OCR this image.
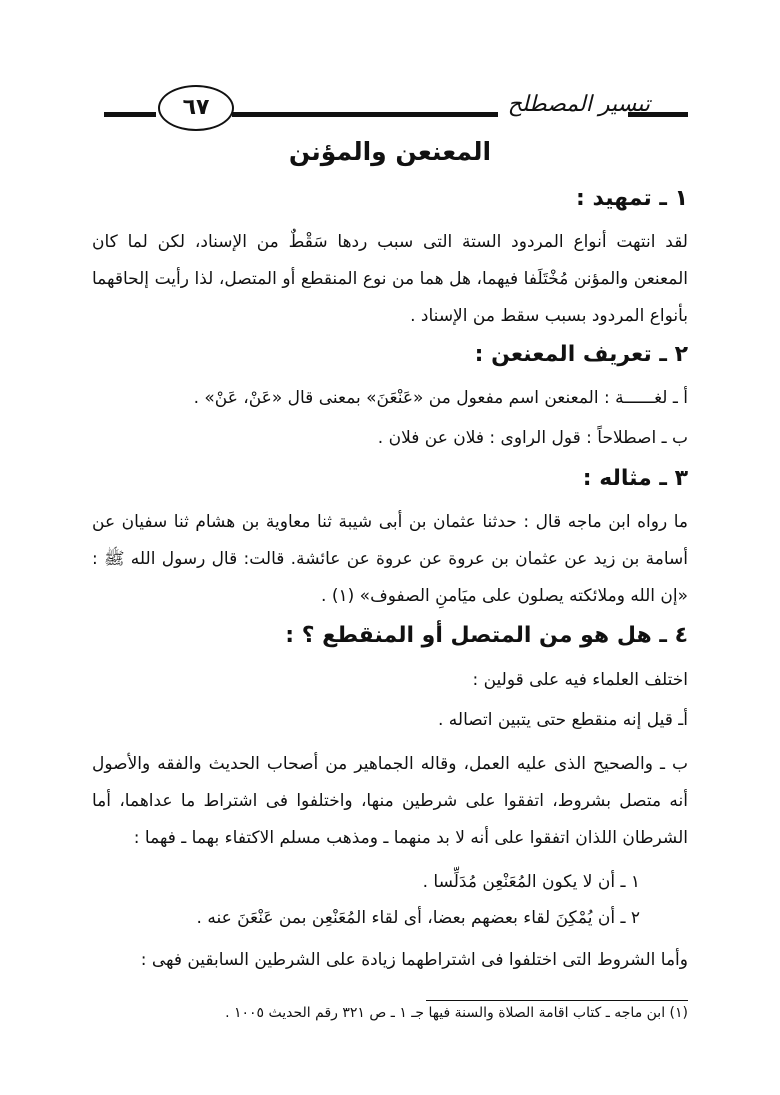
تيسير المصطلح
٦٧
المعنعن والمؤنن
١ ـ تمهيد :
لقد انتهت أنواع المردود الستة التى سبب ردها سَقْطٌ من الإسناد، لكن لما كان المعنعن والمؤنن مُخْتَلَفا فيهما، هل هما من نوع المنقطع أو المتصل، لذا رأيت إلحاقهما بأنواع المردود بسبب سقط من الإسناد .
٢ ـ تعريف المعنعن :
أ ـ لغــــــة : المعنعن اسم مفعول من «عَنْعَنَ» بمعنى قال «عَنْ، عَنْ» .
ب ـ اصطلاحاً : قول الراوى : فلان عن فلان .
٣ ـ مثاله :
ما رواه ابن ماجه قال : حدثنا عثمان بن أبى شيبة ثنا معاوية بن هشام ثنا سفيان عن أسامة بن زيد عن عثمان بن عروة عن عروة عن عائشة. قالت: قال رسول الله ﷺ : «إن الله وملائكته يصلون على ميَامنِ الصفوف» (١) .
٤ ـ هل هو من المتصل أو المنقطع ؟ :
اختلف العلماء فيه على قولين :
أـ قيل إنه منقطع حتى يتبين اتصاله .
ب ـ والصحيح الذى عليه العمل، وقاله الجماهير من أصحاب الحديث والفقه والأصول أنه متصل بشروط، اتفقوا على شرطين منها، واختلفوا فى اشتراط ما عداهما، أما الشرطان اللذان اتفقوا على أنه لا بد منهما ـ ومذهب مسلم الاكتفاء بهما ـ فهما :
١ ـ أن لا يكون المُعَنْعِن مُدَلِّسا .
٢ ـ أن يُمْكِنَ لقاء بعضهم بعضا، أى لقاء المُعَنْعِن بمن عَنْعَنَ عنه .
وأما الشروط التى اختلفوا فى اشتراطهما زيادة على الشرطين السابقين فهى :
(١) ابن ماجه ـ كتاب اقامة الصلاة والسنة فيها جـ ١ ـ ص ٣٢١ رقم الحديث ١٠٠٥ .
